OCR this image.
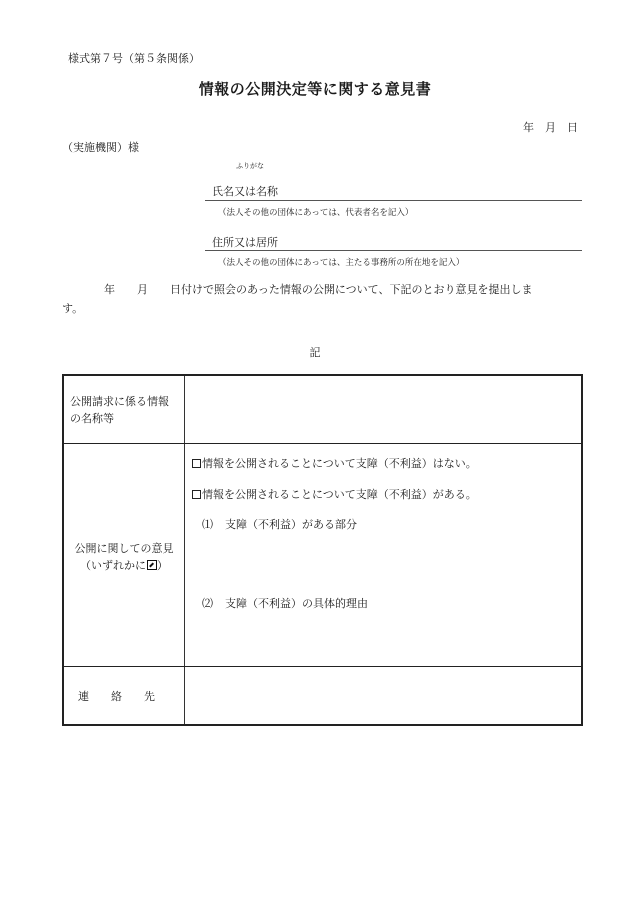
様式第７号（第５条関係）
情報の公開決定等に関する意見書
年　月　日
（実施機関）様
ふりがな
氏名又は名称
（法人その他の団体にあっては、代表者名を記入）
住所又は居所
（法人その他の団体にあっては、主たる事務所の所在地を記入）
年　　月　　日付けで照会のあった情報の公開について、下記のとおり意見を提出しま
す。
記
公開請求に係る情報
の名称等
公開に関しての意見
（いずれかに ）
情報を公開されることについて支障（不利益）はない。
情報を公開されることについて支障（不利益）がある。
⑴ 支障（不利益）がある部分
⑵ 支障（不利益）の具体的理由
連　　絡　　先
